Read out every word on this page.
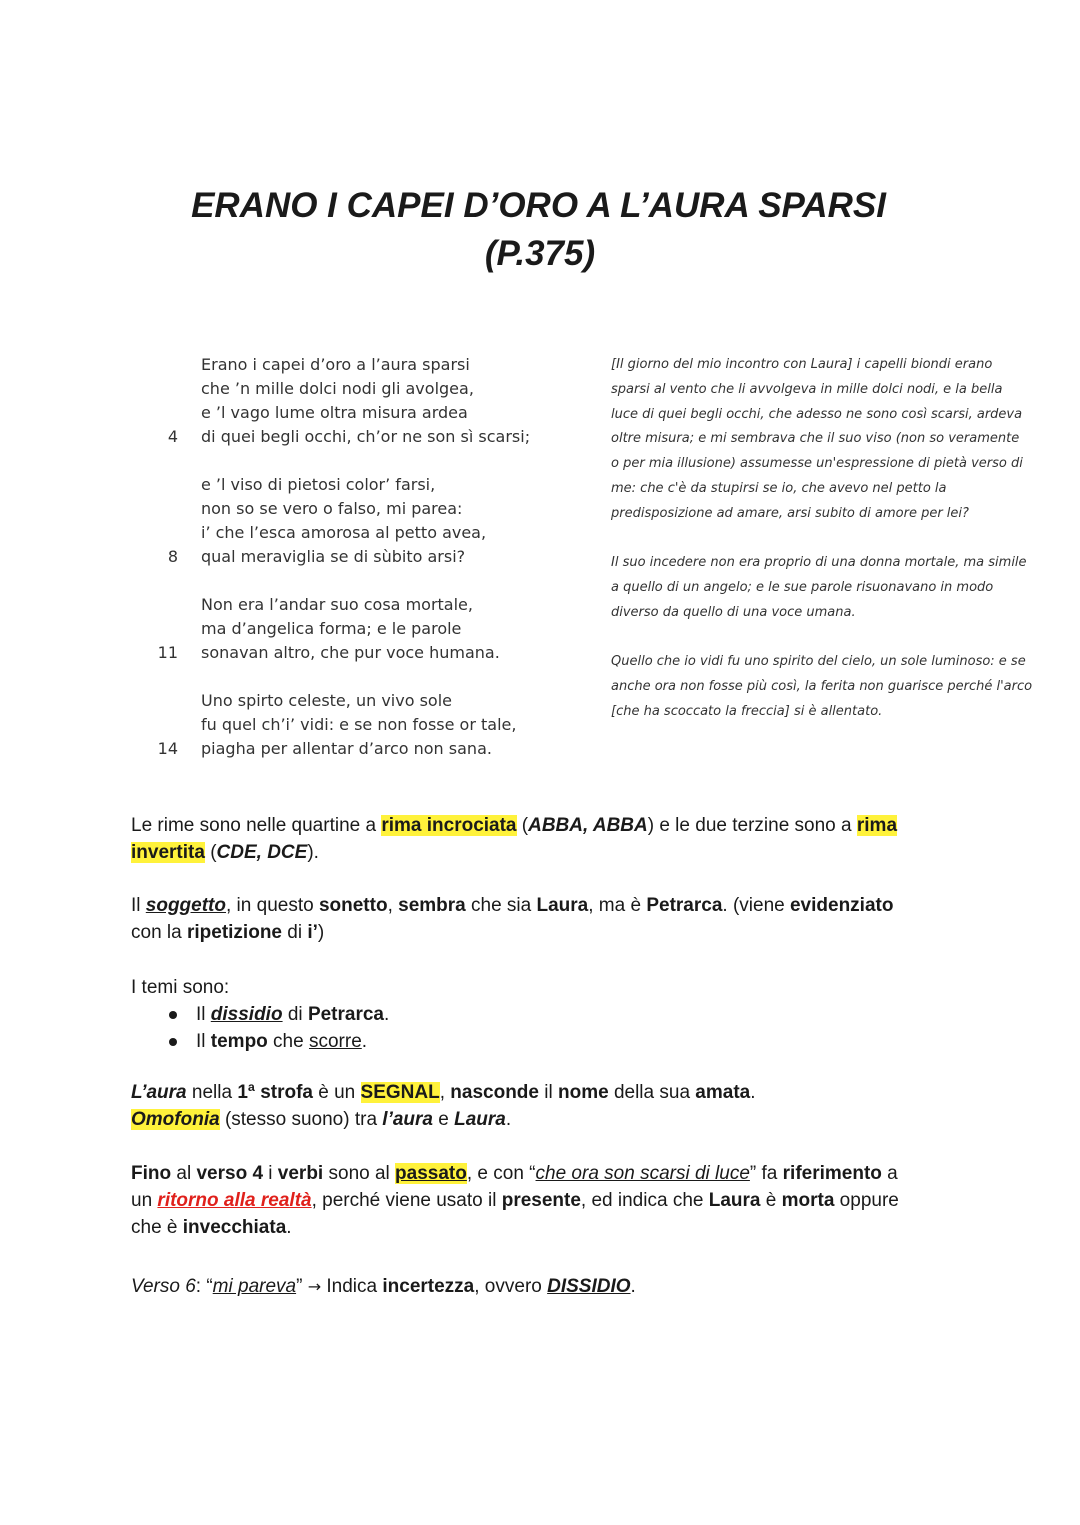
ERANO I CAPEI D’ORO A L’AURA SPARSI
(P.375)
Erano i capei d’oro a l’aura sparsi
che ’n mille dolci nodi gli avolgea,
e ’l vago lume oltra misura ardea
4 di quei begli occhi, ch’or ne son sì scarsi;
e ’l viso di pietosi color’ farsi,
non so se vero o falso, mi parea:
i’ che l’esca amorosa al petto avea,
8 qual meraviglia se di sùbito arsi?
Non era l’andar suo cosa mortale,
ma d’angelica forma; e le parole
11 sonavan altro, che pur voce humana.
Uno spirto celeste, un vivo sole
fu quel ch’i’ vidi: e se non fosse or tale,
14 piagha per allentar d’arco non sana.
[Il giorno del mio incontro con Laura] i capelli biondi erano
sparsi al vento che li avvolgeva in mille dolci nodi, e la bella
luce di quei begli occhi, che adesso ne sono così scarsi, ardeva
oltre misura; e mi sembrava che il suo viso (non so veramente
o per mia illusione) assumesse un'espressione di pietà verso di
me: che c'è da stupirsi se io, che avevo nel petto la
predisposizione ad amare, arsi subito di amore per lei?
Il suo incedere non era proprio di una donna mortale, ma simile
a quello di un angelo; e le sue parole risuonavano in modo
diverso da quello di una voce umana.
Quello che io vidi fu uno spirito del cielo, un sole luminoso: e se
anche ora non fosse più così, la ferita non guarisce perché l'arco
[che ha scoccato la freccia] si è allentato.
Le rime sono nelle quartine a rima incrociata (ABBA, ABBA) e le due terzine sono a rima
invertita (CDE, DCE).
Il soggetto, in questo sonetto, sembra che sia Laura, ma è Petrarca. (viene evidenziato
con la ripetizione di i’)
I temi sono:
Il dissidio di Petrarca.
Il tempo che scorre.
L’aura nella 1ª strofa è un SEGNAL, nasconde il nome della sua amata.
Omofonia (stesso suono) tra l’aura e Laura.
Fino al verso 4 i verbi sono al passato, e con “che ora son scarsi di luce” fa riferimento a
un ritorno alla realtà, perché viene usato il presente, ed indica che Laura è morta oppure
che è invecchiata.
Verso 6: “mi pareva” → Indica incertezza, ovvero DISSIDIO.
